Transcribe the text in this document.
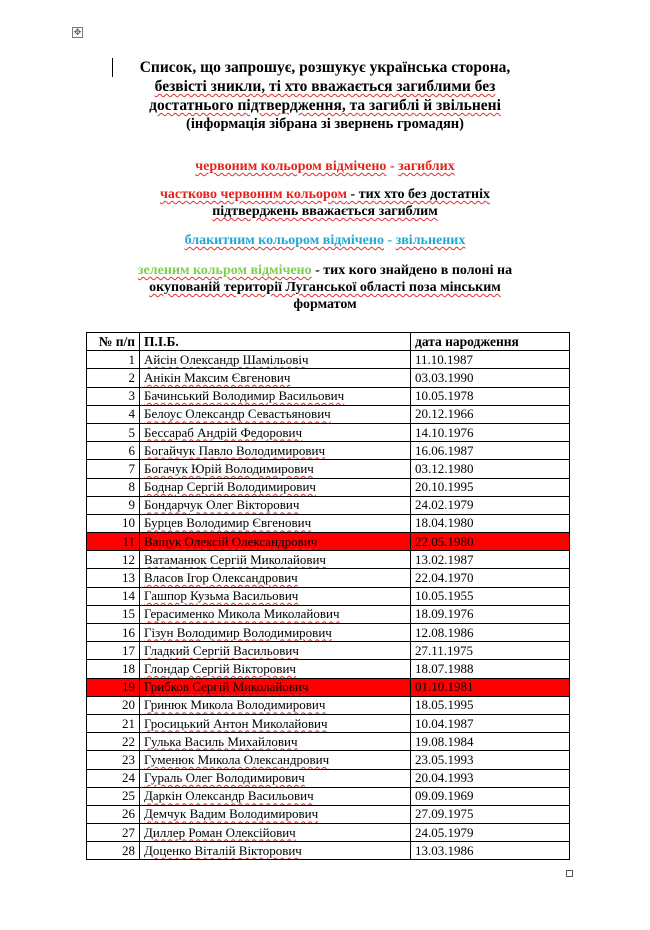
✥
Список, що запрошує, розшукує українська сторона,
безвісті зникли, ті хто вважається загиблими без
достатнього підтвердження, та загиблі й звільнені
(інформація зібрана зі звернень громадян)
червоним кольором відмічено - загиблих
частково червоним кольором - тих хто без достатніх
підтверджень вважається загиблим
блакитним кольором відмічено - звільнених
зеленим кольром відмічено - тих кого знайдено в полоні на
окупованій території Луганської області поза мінським
форматом
№ п/п	П.І.Б.	дата народження
1	Айсін Олександр Шамільовіч	11.10.1987
2	Анікін Максим Євгенович	03.03.1990
3	Бачинський Володимир Васильович	10.05.1978
4	Белоус Олександр Севастьянович	20.12.1966
5	Бессараб Андрій Федорович	14.10.1976
6	Богайчук Павло Володимирович	16.06.1987
7	Богачук Юрій Володимирович	03.12.1980
8	Боднар Сергій Володимирович	20.10.1995
9	Бондарчук Олег Вікторович	24.02.1979
10	Бурцев Володимир Євгенович	18.04.1980
11	Ващук Олексій Олександрович	22.05.1980
12	Ватаманюк Сергій Миколайович	13.02.1987
13	Власов Ігор Олександрович	22.04.1970
14	Гашпор Кузьма Васильович	10.05.1955
15	Герасименко Микола Миколайович	18.09.1976
16	Гізун Володимир Володимирович	12.08.1986
17	Гладкий Сергій Васильович	27.11.1975
18	Глондар Сергій Вікторович	18.07.1988
19	Грибков Сергій Миколайович	01.10.1981
20	Гринюк Микола Володимирович	18.05.1995
21	Гросицький Антон Миколайович	10.04.1987
22	Гулька Василь Михайлович	19.08.1984
23	Гуменюк Микола Олександрович	23.05.1993
24	Гураль Олег Володимирович	20.04.1993
25	Даркін Олександр Васильович	09.09.1969
26	Демчук Вадим Володимирович	27.09.1975
27	Диллер Роман Олексійович	24.05.1979
28	Доценко Віталій Вікторович	13.03.1986
